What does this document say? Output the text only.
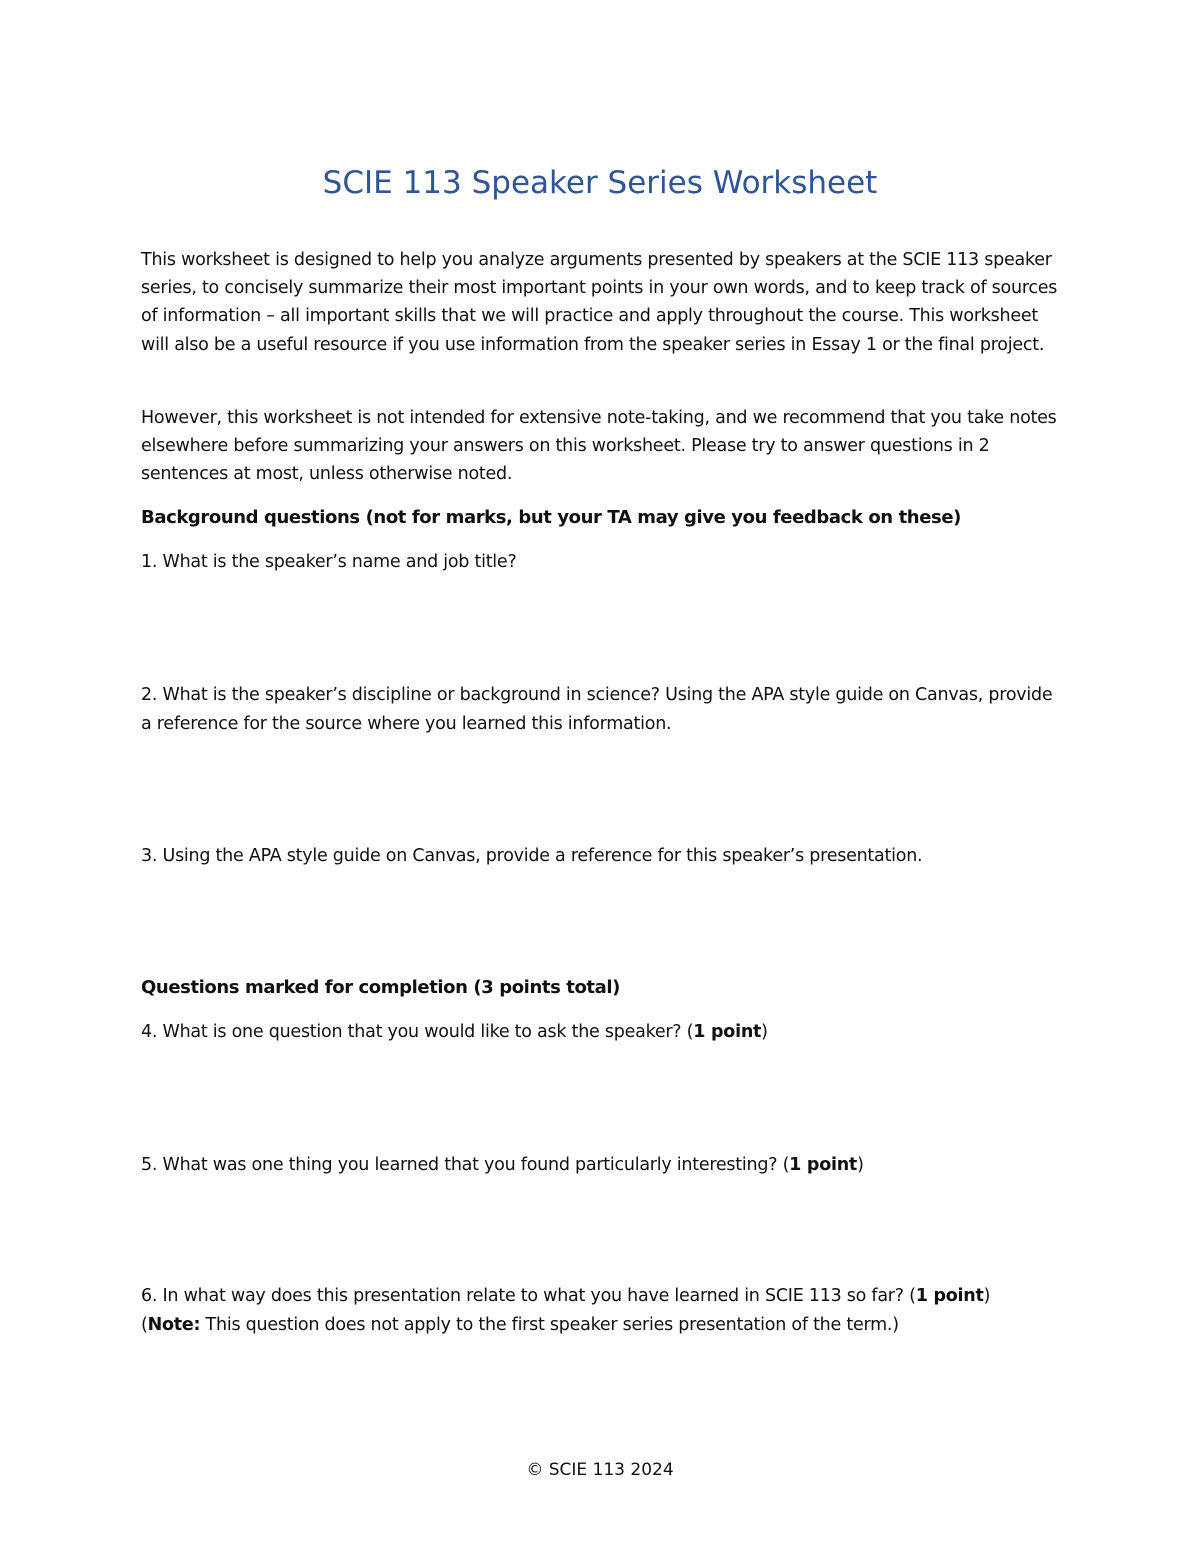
SCIE 113 Speaker Series Worksheet

This worksheet is designed to help you analyze arguments presented by speakers at the SCIE 113 speaker series, to concisely summarize their most important points in your own words, and to keep track of sources of information – all important skills that we will practice and apply throughout the course. This worksheet will also be a useful resource if you use information from the speaker series in Essay 1 or the final project.

However, this worksheet is not intended for extensive note-taking, and we recommend that you take notes elsewhere before summarizing your answers on this worksheet. Please try to answer questions in 2 sentences at most, unless otherwise noted.

Background questions (not for marks, but your TA may give you feedback on these)
1. What is the speaker’s name and job title?
2. What is the speaker’s discipline or background in science? Using the APA style guide on Canvas, provide a reference for the source where you learned this information.
3. Using the APA style guide on Canvas, provide a reference for this speaker’s presentation.
Questions marked for completion (3 points total)
4. What is one question that you would like to ask the speaker? (1 point)
5. What was one thing you learned that you found particularly interesting? (1 point)
6. In what way does this presentation relate to what you have learned in SCIE 113 so far? (1 point)
(Note: This question does not apply to the first speaker series presentation of the term.)
© SCIE 113 2024
